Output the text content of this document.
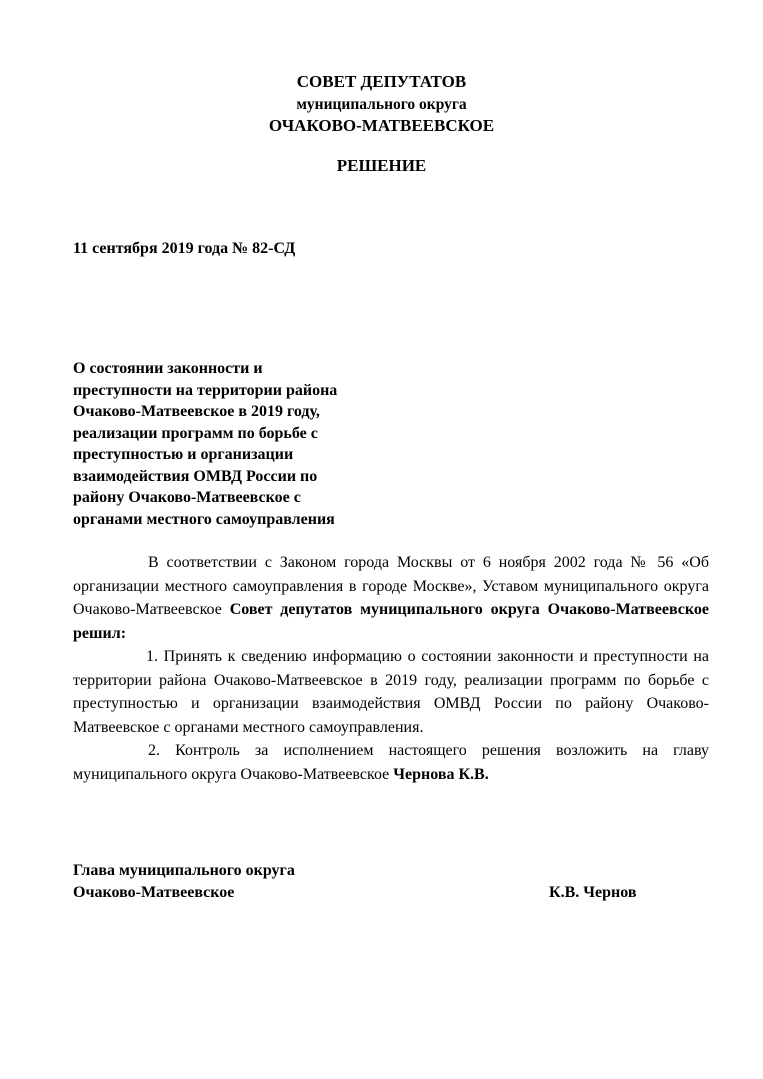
СОВЕТ ДЕПУТАТОВ
муниципального округа
ОЧАКОВО-МАТВЕЕВСКОЕ
РЕШЕНИЕ
11 сентября 2019 года № 82-СД
О состоянии законности и
преступности на территории района
Очаково-Матвеевское в 2019 году,
реализации программ по борьбе с
преступностью и организации
взаимодействия ОМВД России по
району Очаково-Матвеевское с
органами местного самоуправления

В соответствии с Законом города Москвы от 6 ноября 2002 года № 56 «Об организации местного самоуправления в городе Москве», Уставом муниципального округа Очаково-Матвеевское Совет депутатов муниципального округа Очаково-Матвеевское решил:

1. Принять к сведению информацию о состоянии законности и преступности на территории района Очаково-Матвеевское в 2019 году, реализации программ по борьбе с преступностью и организации взаимодействия ОМВД России по району Очаково-Матвеевское с органами местного самоуправления.

2. Контроль за исполнением настоящего решения возложить на главу муниципального округа Очаково-Матвеевское Чернова К.В.

Глава муниципального округа
Очаково-Матвеевское	К.В. Чернов
